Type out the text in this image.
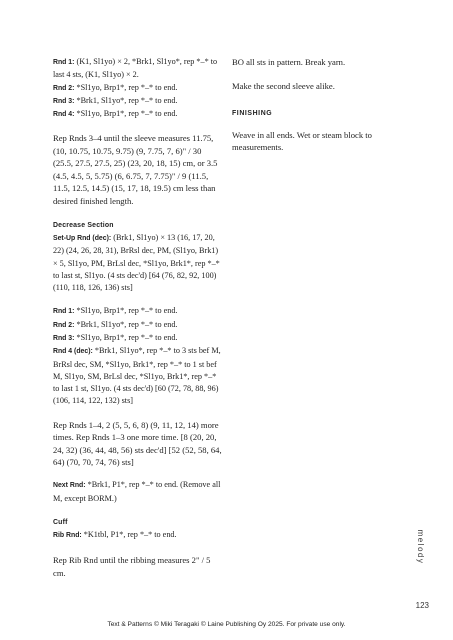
Rnd 1: (K1, Sl1yo) × 2, *Brk1, Sl1yo*, rep *–* to last 4 sts, (K1, Sl1yo) × 2.
Rnd 2: *Sl1yo, Brp1*, rep *–* to end.
Rnd 3: *Brk1, Sl1yo*, rep *–* to end.
Rnd 4: *Sl1yo, Brp1*, rep *–* to end.

Rep Rnds 3–4 until the sleeve measures 11.75, (10, 10.75, 10.75, 9.75) (9, 7.75, 7, 6)" / 30 (25.5, 27.5, 27.5, 25) (23, 20, 18, 15) cm, or 3.5 (4.5, 4.5, 5, 5.75) (6, 6.75, 7, 7.75)" / 9 (11.5, 11.5, 12.5, 14.5) (15, 17, 18, 19.5) cm less than desired finished length.

Decrease Section
Set-Up Rnd (dec): (Brk1, Sl1yo) × 13 (16, 17, 20, 22) (24, 26, 28, 31), BrRsl dec, PM, (Sl1yo, Brk1) × 5, Sl1yo, PM, BrLsl dec, *Sl1yo, Brk1*, rep *–* to last st, Sl1yo. (4 sts dec'd) [64 (76, 82, 92, 100) (110, 118, 126, 136) sts]
Rnd 1: *Sl1yo, Brp1*, rep *–* to end.
Rnd 2: *Brk1, Sl1yo*, rep *–* to end.
Rnd 3: *Sl1yo, Brp1*, rep *–* to end.
Rnd 4 (dec): *Brk1, Sl1yo*, rep *–* to 3 sts bef M, BrRsl dec, SM, *Sl1yo, Brk1*, rep *–* to 1 st bef M, Sl1yo, SM, BrLsl dec, *Sl1yo, Brk1*, rep *–* to last 1 st, Sl1yo. (4 sts dec'd) [60 (72, 78, 88, 96) (106, 114, 122, 132) sts]

Rep Rnds 1–4, 2 (5, 5, 6, 8) (9, 11, 12, 14) more times. Rep Rnds 1–3 one more time. [8 (20, 20, 24, 32) (36, 44, 48, 56) sts dec'd] [52 (52, 58, 64, 64) (70, 70, 74, 76) sts]

Next Rnd: *Brk1, P1*, rep *–* to end. (Remove all M, except BORM.)
Cuff
Rib Rnd: *K1tbl, P1*, rep *–* to end.

Rep Rib Rnd until the ribbing measures 2" / 5 cm.

BO all sts in pattern. Break yarn.

Make the second sleeve alike.

FINISHING

Weave in all ends. Wet or steam block to measurements.

melody
123
Text & Patterns © Miki Teragaki © Laine Publishing Oy 2025. For private use only.
